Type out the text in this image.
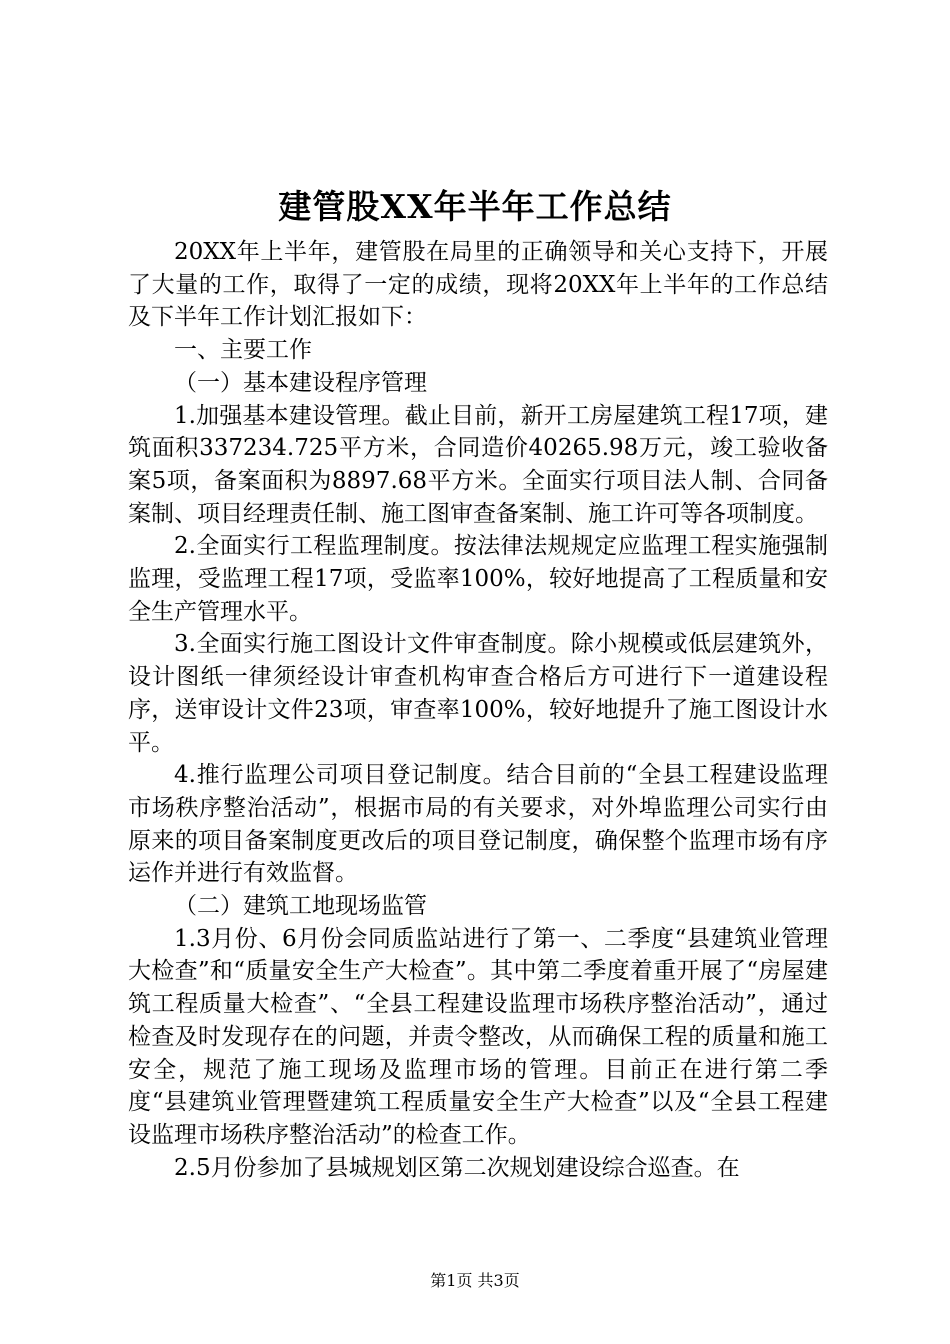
建管股XX年半年工作总结

20XX年上半年，建管股在局里的正确领导和关心支持下，开展了大量的工作，取得了一定的成绩，现将20XX年上半年的工作总结及下半年工作计划汇报如下：

一、主要工作

（一）基本建设程序管理

1.加强基本建设管理。截止目前，新开工房屋建筑工程17项，建筑面积337234.725平方米，合同造价40265.98万元，竣工验收备案5项，备案面积为8897.68平方米。全面实行项目法人制、合同备案制、项目经理责任制、施工图审查备案制、施工许可等各项制度。

2.全面实行工程监理制度。按法律法规规定应监理工程实施强制监理，受监理工程17项，受监率100%，较好地提高了工程质量和安全生产管理水平。

3.全面实行施工图设计文件审查制度。除小规模或低层建筑外，设计图纸一律须经设计审查机构审查合格后方可进行下一道建设程序，送审设计文件23项，审查率100%，较好地提升了施工图设计水平。

4.推行监理公司项目登记制度。结合目前的“全县工程建设监理市场秩序整治活动”，根据市局的有关要求，对外埠监理公司实行由原来的项目备案制度更改后的项目登记制度，确保整个监理市场有序运作并进行有效监督。

（二）建筑工地现场监管

1.3月份、6月份会同质监站进行了第一、二季度“县建筑业管理大检查”和“质量安全生产大检查”。其中第二季度着重开展了“房屋建筑工程质量大检查”、“全县工程建设监理市场秩序整治活动”，通过检查及时发现存在的问题，并责令整改，从而确保工程的质量和施工安全，规范了施工现场及监理市场的管理。目前正在进行第二季度“县建筑业管理暨建筑工程质量安全生产大检查”以及“全县工程建设监理市场秩序整治活动”的检查工作。

2.5月份参加了县城规划区第二次规划建设综合巡查。在

第1页 共3页
